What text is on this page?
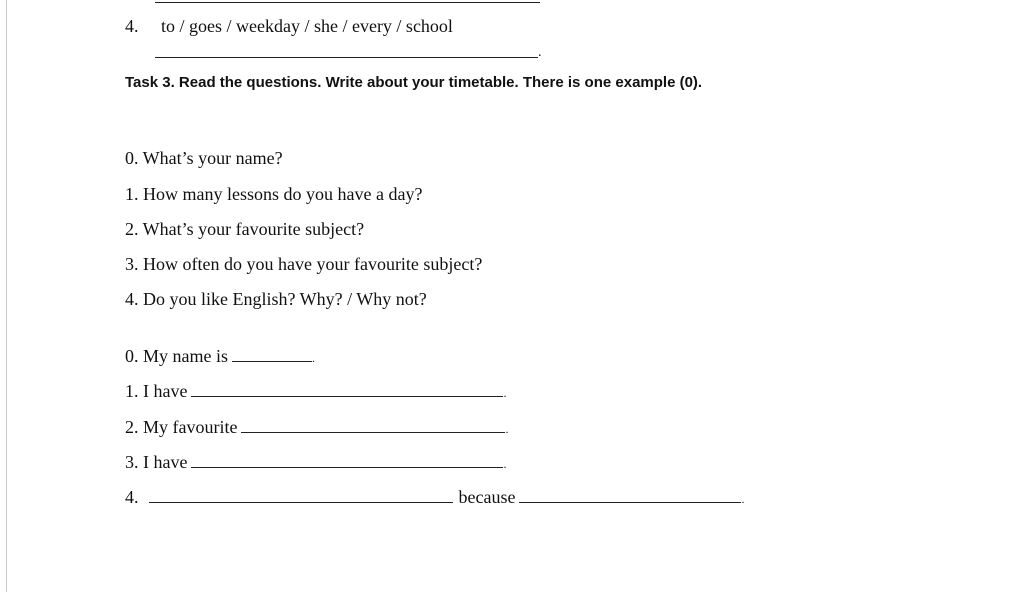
4. to / goes / weekday / she / every / school
.
Task 3. Read the questions. Write about your timetable. There is one example (0).
0. What’s your name?
1. How many lessons do you have a day?
2. What’s your favourite subject?
3. How often do you have your favourite subject?
4. Do you like English? Why? / Why not?
0. My name is	.
1. I have	.
2. My favourite	.
3. I have	.
4.	because	.
